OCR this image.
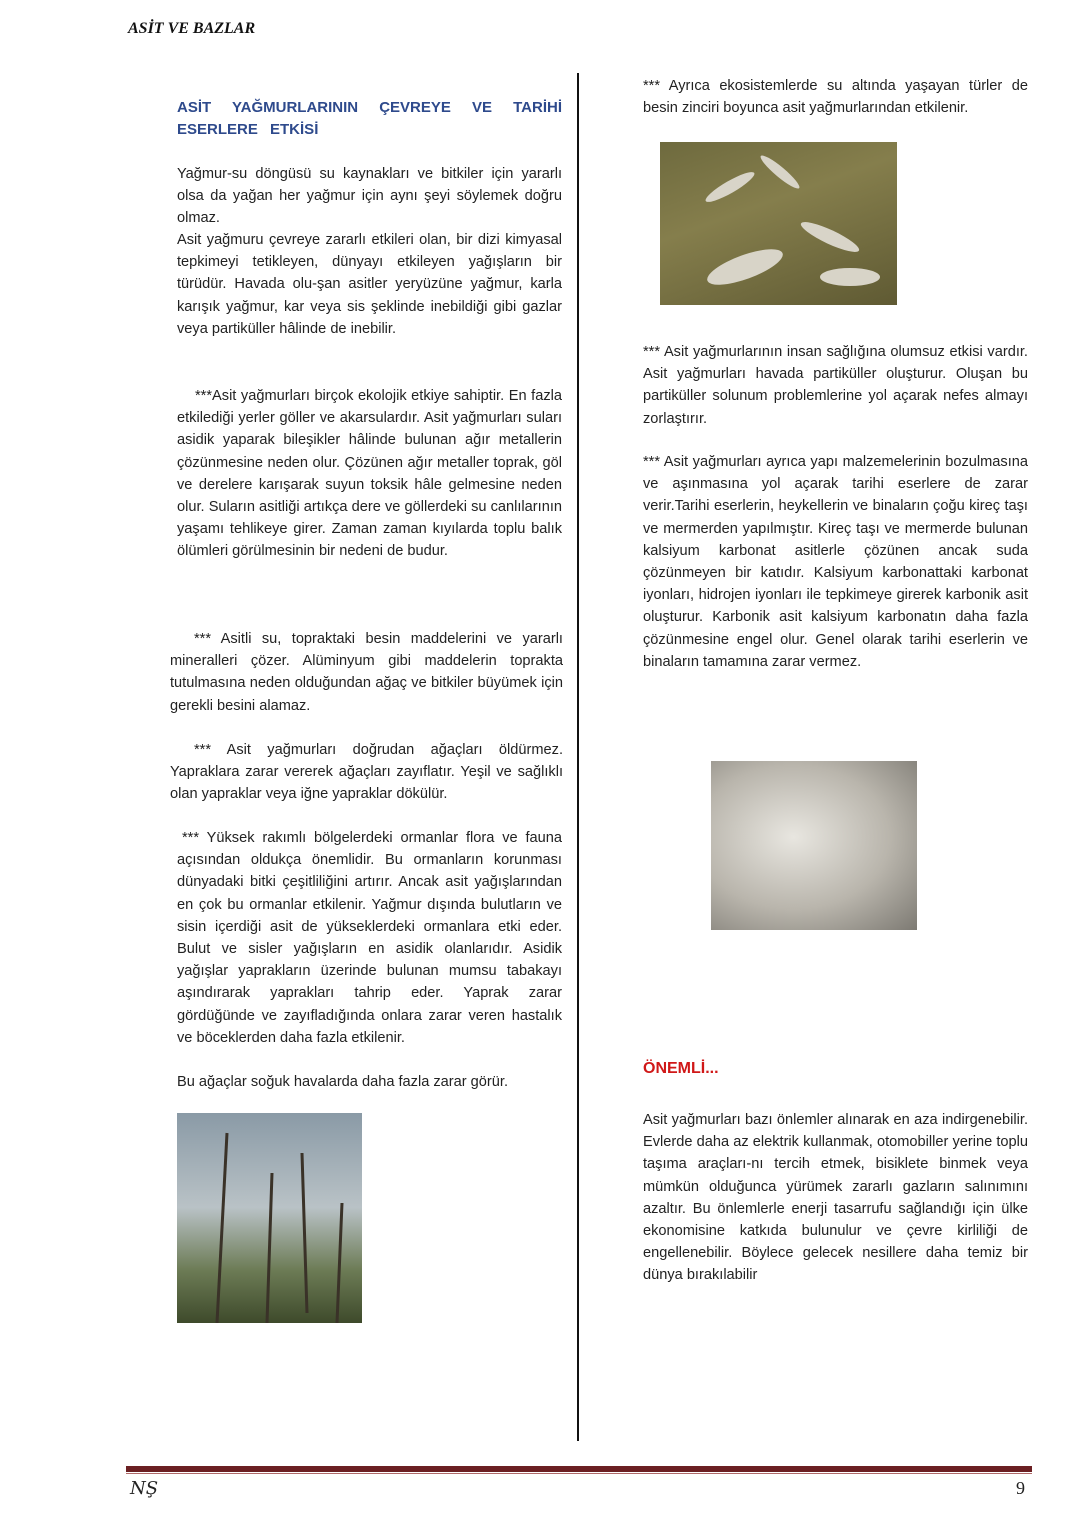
ASİT VE BAZLAR
ASİT YAĞMURLARININ ÇEVREYE VE TARİHİ
ESERLERE ETKİSİ

Yağmur-su döngüsü su kaynakları ve bitkiler için yararlı olsa da yağan her yağmur için aynı şeyi söylemek doğru olmaz.

Asit yağmuru çevreye zararlı etkileri olan, bir dizi kimyasal tepkimeyi tetikleyen, dünyayı etkileyen yağışların bir türüdür. Havada olu-şan asitler yeryüzüne yağmur, karla karışık yağmur, kar veya sis şeklinde inebildiği gibi gazlar veya partiküller hâlinde de inebilir.

***Asit yağmurları birçok ekolojik etkiye sahiptir. En fazla etkilediği yerler göller ve akarsulardır. Asit yağmurları suları asidik yaparak bileşikler hâlinde bulunan ağır metallerin çözünmesine neden olur. Çözünen ağır metaller toprak, göl ve derelere karışarak suyun toksik hâle gelmesine neden olur. Suların asitliği artıkça dere ve göllerdeki su canlılarının yaşamı tehlikeye girer. Zaman zaman kıyılarda toplu balık ölümleri görülmesinin bir nedeni de budur.

*** Asitli su, topraktaki besin maddelerini ve yararlı mineralleri çözer. Alüminyum gibi maddelerin toprakta tutulmasına neden olduğundan ağaç ve bitkiler büyümek için gerekli besini alamaz.

*** Asit yağmurları doğrudan ağaçları öldürmez. Yapraklara zarar vererek ağaçları zayıflatır. Yeşil ve sağlıklı olan yapraklar veya iğne yapraklar dökülür.

*** Yüksek rakımlı bölgelerdeki ormanlar flora ve fauna açısından oldukça önemlidir. Bu ormanların korunması dünyadaki bitki çeşitliliğini artırır. Ancak asit yağışlarından en çok bu ormanlar etkilenir. Yağmur dışında bulutların ve sisin içerdiği asit de yükseklerdeki ormanlara etki eder. Bulut ve sisler yağışların en asidik olanlarıdır. Asidik yağışlar yaprakların üzerinde bulunan mumsu tabakayı aşındırarak yaprakları tahrip eder. Yaprak zarar gördüğünde ve zayıfladığında onlara zarar veren hastalık ve böceklerden daha fazla etkilenir.

Bu ağaçlar soğuk havalarda daha fazla zarar görür.

*** Ayrıca ekosistemlerde su altında yaşayan türler de besin zinciri boyunca asit yağmurlarından etkilenir.

*** Asit yağmurlarının insan sağlığına olumsuz etkisi vardır. Asit yağmurları havada partiküller oluşturur. Oluşan bu partiküller solunum problemlerine yol açarak nefes almayı zorlaştırır.

*** Asit yağmurları ayrıca yapı malzemelerinin bozulmasına ve aşınmasına yol açarak tarihi eserlere de zarar verir.Tarihi eserlerin, heykellerin ve binaların çoğu kireç taşı ve mermerden yapılmıştır. Kireç taşı ve mermerde bulunan kalsiyum karbonat asitlerle çözünen ancak suda çözünmeyen bir katıdır. Kalsiyum karbonattaki karbonat iyonları, hidrojen iyonları ile tepkimeye girerek karbonik asit oluşturur. Karbonik asit kalsiyum karbonatın daha fazla çözünmesine engel olur. Genel olarak tarihi eserlerin ve binaların tamamına zarar vermez.

ÖNEMLİ...

Asit yağmurları bazı önlemler alınarak en aza indirgenebilir. Evlerde daha az elektrik kullanmak, otomobiller yerine toplu taşıma araçları-nı tercih etmek, bisiklete binmek veya mümkün olduğunca yürümek zararlı gazların salınımını azaltır. Bu önlemlerle enerji tasarrufu sağlandığı için ülke ekonomisine katkıda bulunulur ve çevre kirliliği de engellenebilir. Böylece gelecek nesillere daha temiz bir dünya bırakılabilir

NŞ	9
